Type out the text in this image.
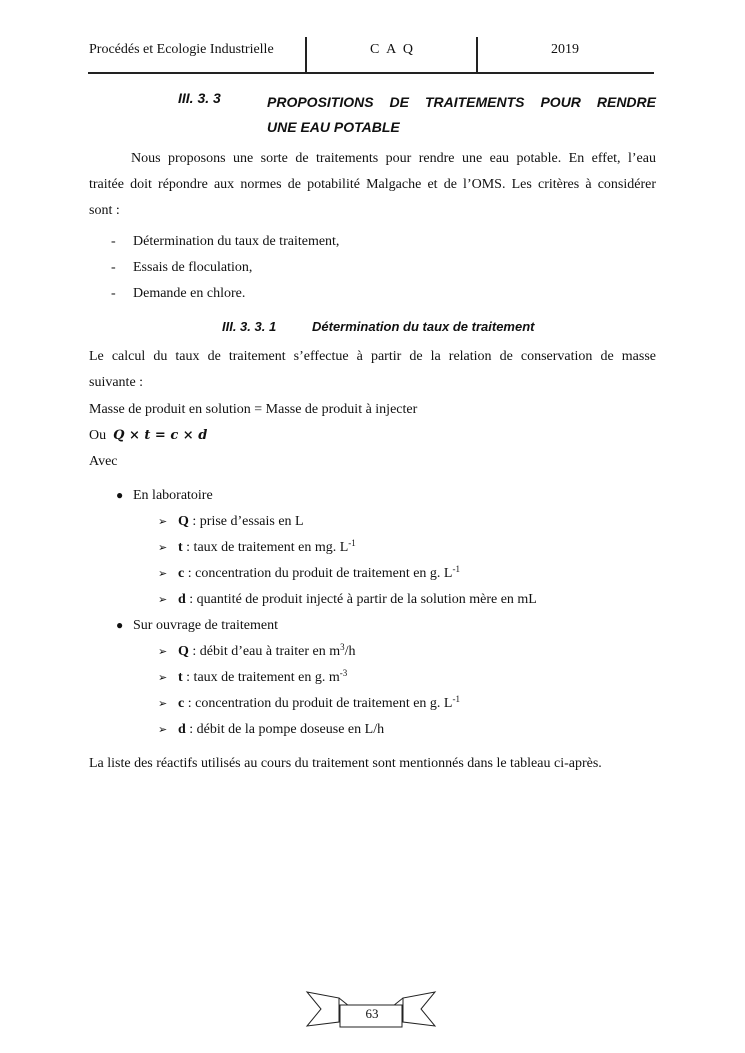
Procédés et Ecologie Industrielle	C A Q	2019
III. 3. 3	PROPOSITIONS DE TRAITEMENTS POUR RENDRE
UNE EAU POTABLE
Nous proposons une sorte de traitements pour rendre une eau potable. En effet, l’eau
traitée doit répondre aux normes de potabilité Malgache et de l’OMS. Les critères à considérer
sont :
- Détermination du taux de traitement,
- Essais de floculation,
- Demande en chlore.
III. 3. 3. 1	Détermination du taux de traitement
Le calcul du taux de traitement s’effectue à partir de la relation de conservation de masse
suivante :
Masse de produit en solution = Masse de produit à injecter
Ou 𝑸 × 𝒕 = 𝒄 × 𝒅
Avec
● En laboratoire
➢ Q : prise d’essais en L
➢ t : taux de traitement en mg. $L^{-1}$
➢ c : concentration du produit de traitement en g. $L^{-1}$
➢ d : quantité de produit injecté à partir de la solution mère en mL
● Sur ouvrage de traitement
➢ Q : débit d’eau à traiter en $m^3/h$
➢ t : taux de traitement en g. $m^{-3}$
➢ c : concentration du produit de traitement en g. $L^{-1}$
➢ d : débit de la pompe doseuse en L/h
La liste des réactifs utilisés au cours du traitement sont mentionnés dans le tableau ci-après.
63
